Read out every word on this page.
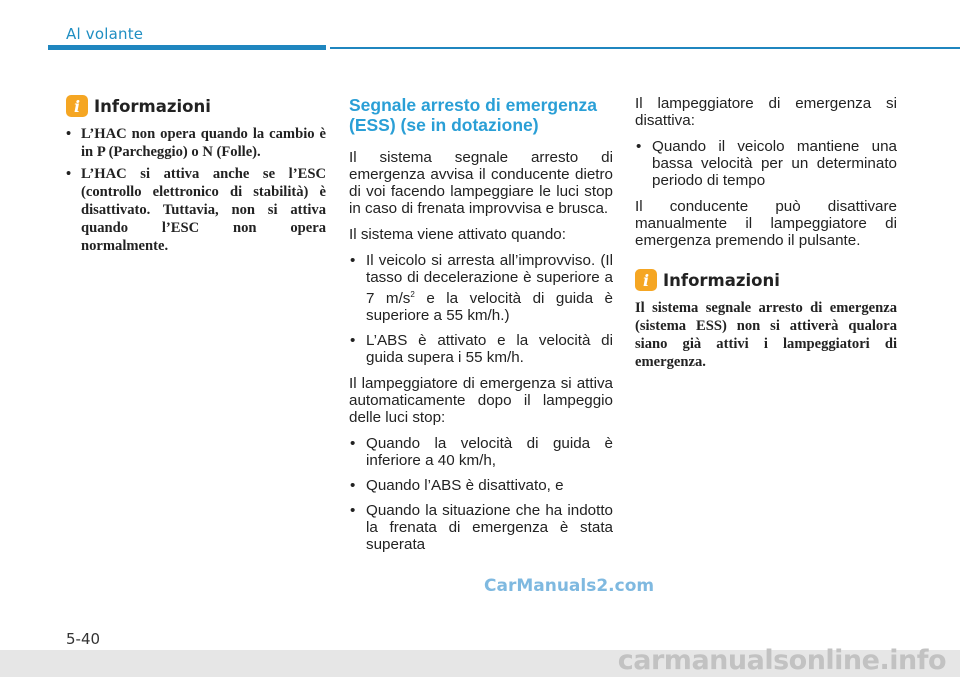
Al volante
i Informazioni
• L’HAC non opera quando la cambio è in P (Parcheggio) o N (Folle).
• L’HAC si attiva anche se l’ESC (controllo elettronico di stabilità) è disattivato. Tuttavia, non si attiva quando l’ESC non opera normalmente.
Segnale arresto di emergenza (ESS) (se in dotazione)

Il sistema segnale arresto di emergenza avvisa il conducente dietro di voi facendo lampeggiare le luci stop in caso di frenata improvvisa e brusca.

Il sistema viene attivato quando:

• Il veicolo si arresta all’improvviso. (Il tasso di decelerazione è superiore a 7 $m/s^2$ e la velocità di guida è superiore a 55 km/h.)
• L’ABS è attivato e la velocità di guida supera i 55 km/h.

Il lampeggiatore di emergenza si attiva automaticamente dopo il lampeggio delle luci stop:

• Quando la velocità di guida è inferiore a 40 km/h,
• Quando l’ABS è disattivato, e
• Quando la situazione che ha indotto la frenata di emergenza è stata superata

Il lampeggiatore di emergenza si disattiva:

• Quando il veicolo mantiene una bassa velocità per un determinato periodo di tempo

Il conducente può disattivare manualmente il lampeggiatore di emergenza premendo il pulsante.

i Informazioni

Il sistema segnale arresto di emergenza (sistema ESS) non si attiverà qualora siano già attivi i lampeggiatori di emergenza.

CarManuals2.com
5-40
carmanualsonline.info
